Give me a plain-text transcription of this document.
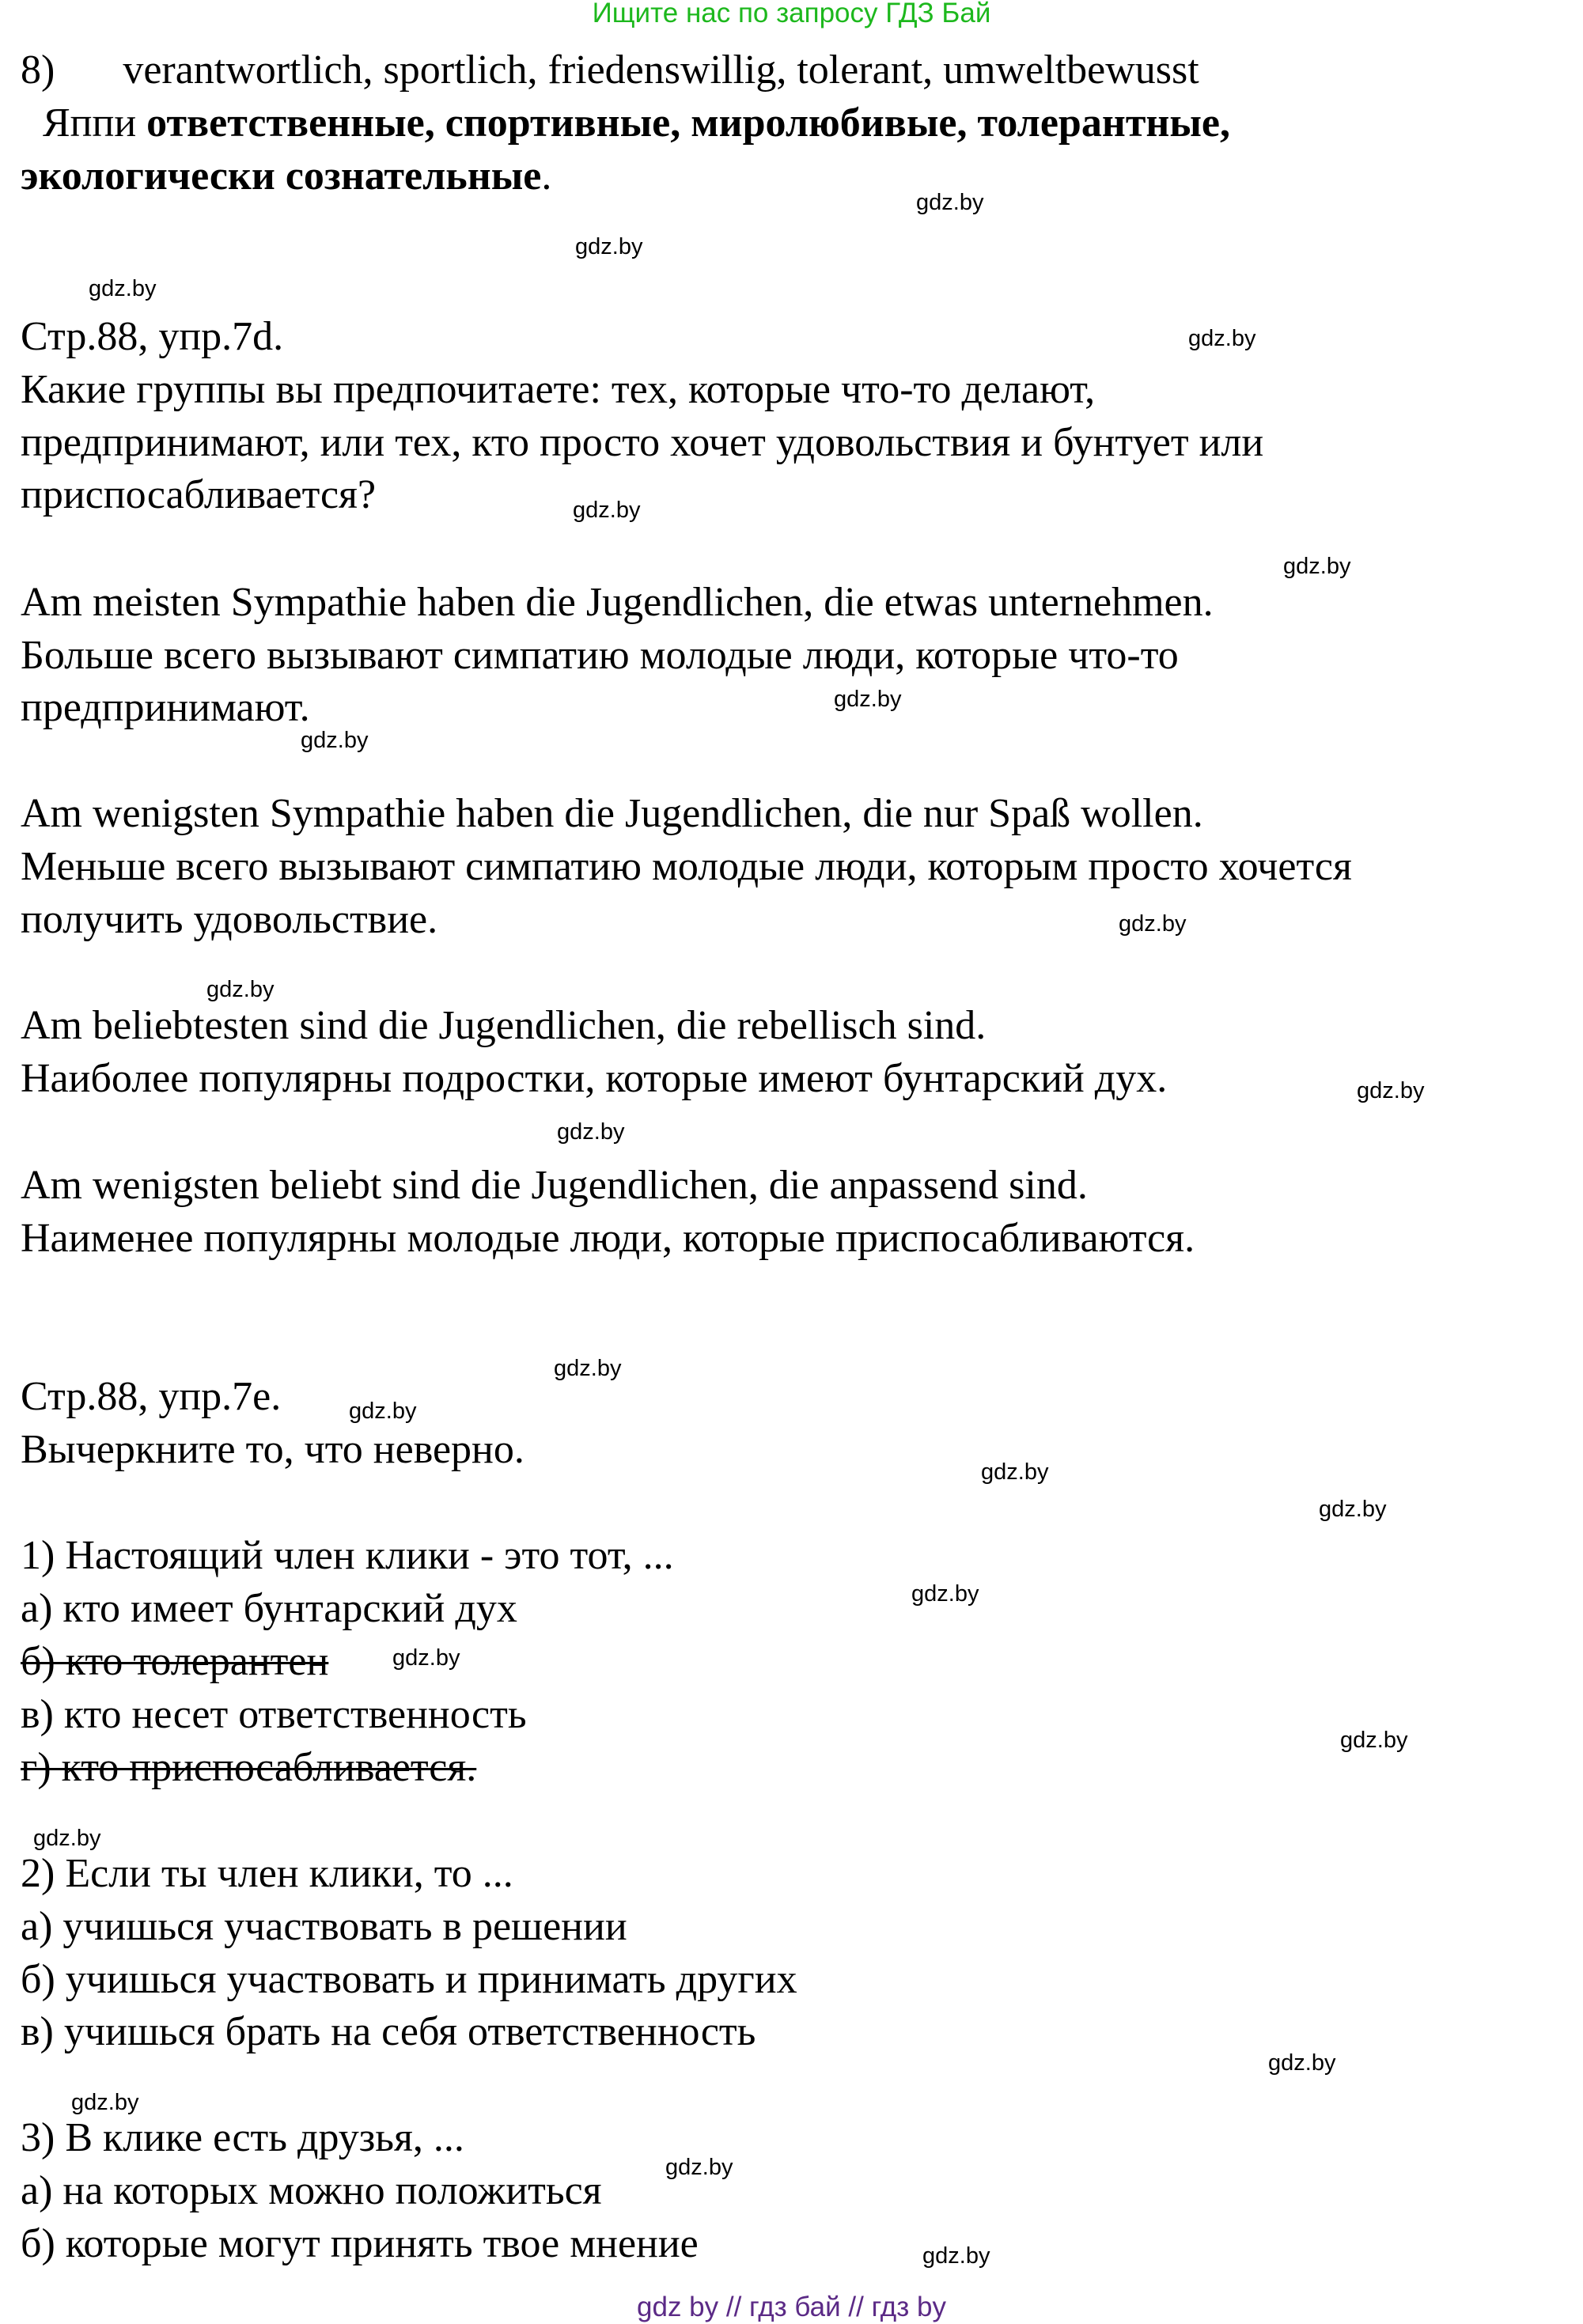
Ищите нас по запросу ГДЗ Бай
8) verantwortlich, sportlich, friedenswillig, tolerant, umweltbewusst
Яппи ответственные, спортивные, миролюбивые, толерантные,
экологически сознательные.
Стр.88, упр.7d.
Какие группы вы предпочитаете: тех, которые что-то делают,
предпринимают, или тех, кто просто хочет удовольствия и бунтует или
приспосабливается?
Am meisten Sympathie haben die Jugendlichen, die etwas unternehmen.
Больше всего вызывают симпатию молодые люди, которые что-то
предпринимают.
Am wenigsten Sympathie haben die Jugendlichen, die nur Spaß wollen.
Меньше всего вызывают симпатию молодые люди, которым просто хочется
получить удовольствие.
Am beliebtesten sind die Jugendlichen, die rebellisch sind.
Наиболее популярны подростки, которые имеют бунтарский дух.
Am wenigsten beliebt sind die Jugendlichen, die anpassend sind.
Наименее популярны молодые люди, которые приспосабливаются.
Стр.88, упр.7e.
Вычеркните то, что неверно.
1) Настоящий член клики - это тот, ...
а) кто имеет бунтарский дух
б) кто толерантен
в) кто несет ответственность
г) кто приспосабливается.
2) Если ты член клики, то ...
а) учишься участвовать в решении
б) учишься участвовать и принимать других
в) учишься брать на себя ответственность
3) В клике есть друзья, ...
а) на которых можно положиться
б) которые могут принять твое мнение
gdz.by
gdz.by
gdz.by
gdz.by
gdz.by
gdz.by
gdz.by
gdz.by
gdz.by
gdz.by
gdz.by
gdz.by
gdz.by
gdz.by
gdz.by
gdz.by
gdz.by
gdz.by
gdz.by
gdz.by
gdz.by
gdz.by
gdz.by
gdz.by
gdz by // гдз бай // гдз by
